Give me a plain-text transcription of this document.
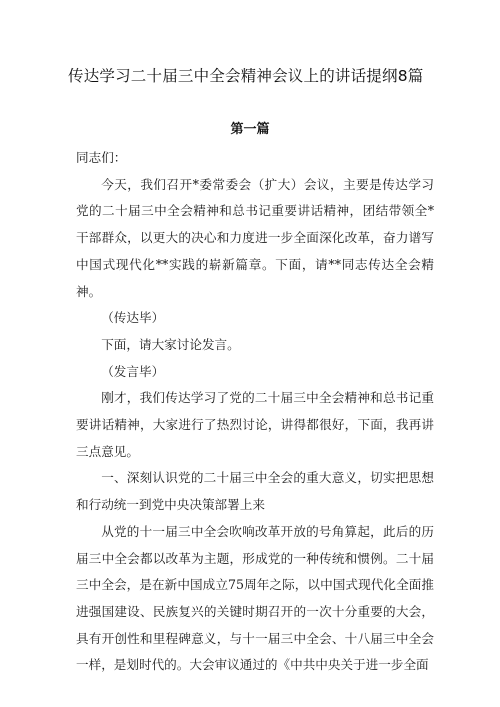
传达学习二十届三中全会精神会议上的讲话提纲8篇
第一篇

同志们：

今天，我们召开*委常委会（扩大）会议，主要是传达学习党的二十届三中全会精神和总书记重要讲话精神，团结带领全*干部群众，以更大的决心和力度进一步全面深化改革，奋力谱写中国式现代化**实践的崭新篇章。下面，请**同志传达全会精神。

（传达毕）

下面，请大家讨论发言。

（发言毕）

刚才，我们传达学习了党的二十届三中全会精神和总书记重要讲话精神，大家进行了热烈讨论，讲得都很好，下面，我再讲三点意见。

一、深刻认识党的二十届三中全会的重大意义，切实把思想和行动统一到党中央决策部署上来

从党的十一届三中全会吹响改革开放的号角算起，此后的历届三中全会都以改革为主题，形成党的一种传统和惯例。二十届三中全会，是在新中国成立75周年之际，以中国式现代化全面推进强国建设、民族复兴的关键时期召开的一次十分重要的大会，具有开创性和里程碑意义，与十一届三中全会、十八届三中全会一样，是划时代的。大会审议通过的《中共中央关于进一步全面
